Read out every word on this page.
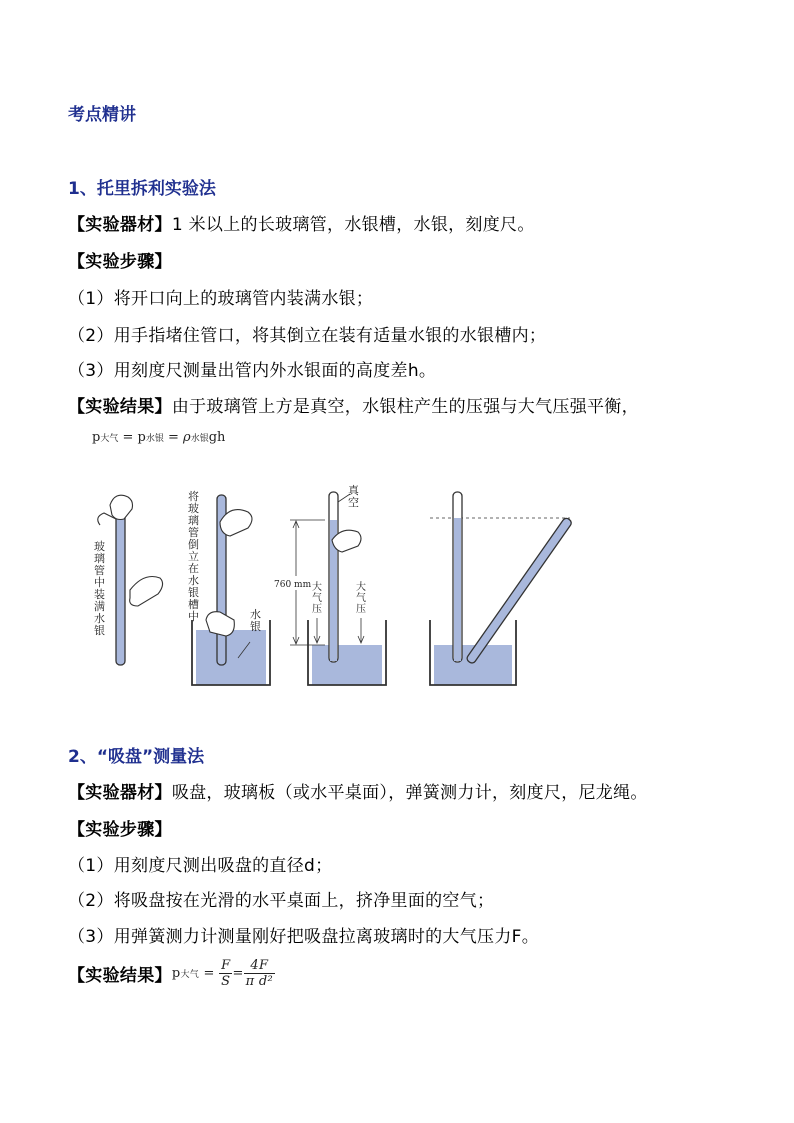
考点精讲
1、托里拆利实验法
【实验器材】1 米以上的长玻璃管，水银槽，水银，刻度尺。
【实验步骤】
（1）将开口向上的玻璃管内装满水银；
（2）用手指堵住管口，将其倒立在装有适量水银的水银槽内；
（3）用刻度尺测量出管内外水银面的高度差h。
【实验结果】由于玻璃管上方是真空，水银柱产生的压强与大气压强平衡，
p大气 = p水银 = ρ水银gh
玻璃管中装满水银
将玻璃管倒立在水银槽中	水银
真空
760 mm 大气压
大气压
2、“吸盘”测量法
【实验器材】吸盘，玻璃板（或水平桌面），弹簧测力计，刻度尺，尼龙绳。
【实验步骤】
（1）用刻度尺测出吸盘的直径d；
（2）将吸盘按在光滑的水平桌面上，挤净里面的空气；
（3）用弹簧测力计测量刚好把吸盘拉离玻璃时的大气压力F。
【实验结果】p大气 = $\frac{F}{S} = \frac{4F}{\text{π d²}}$
